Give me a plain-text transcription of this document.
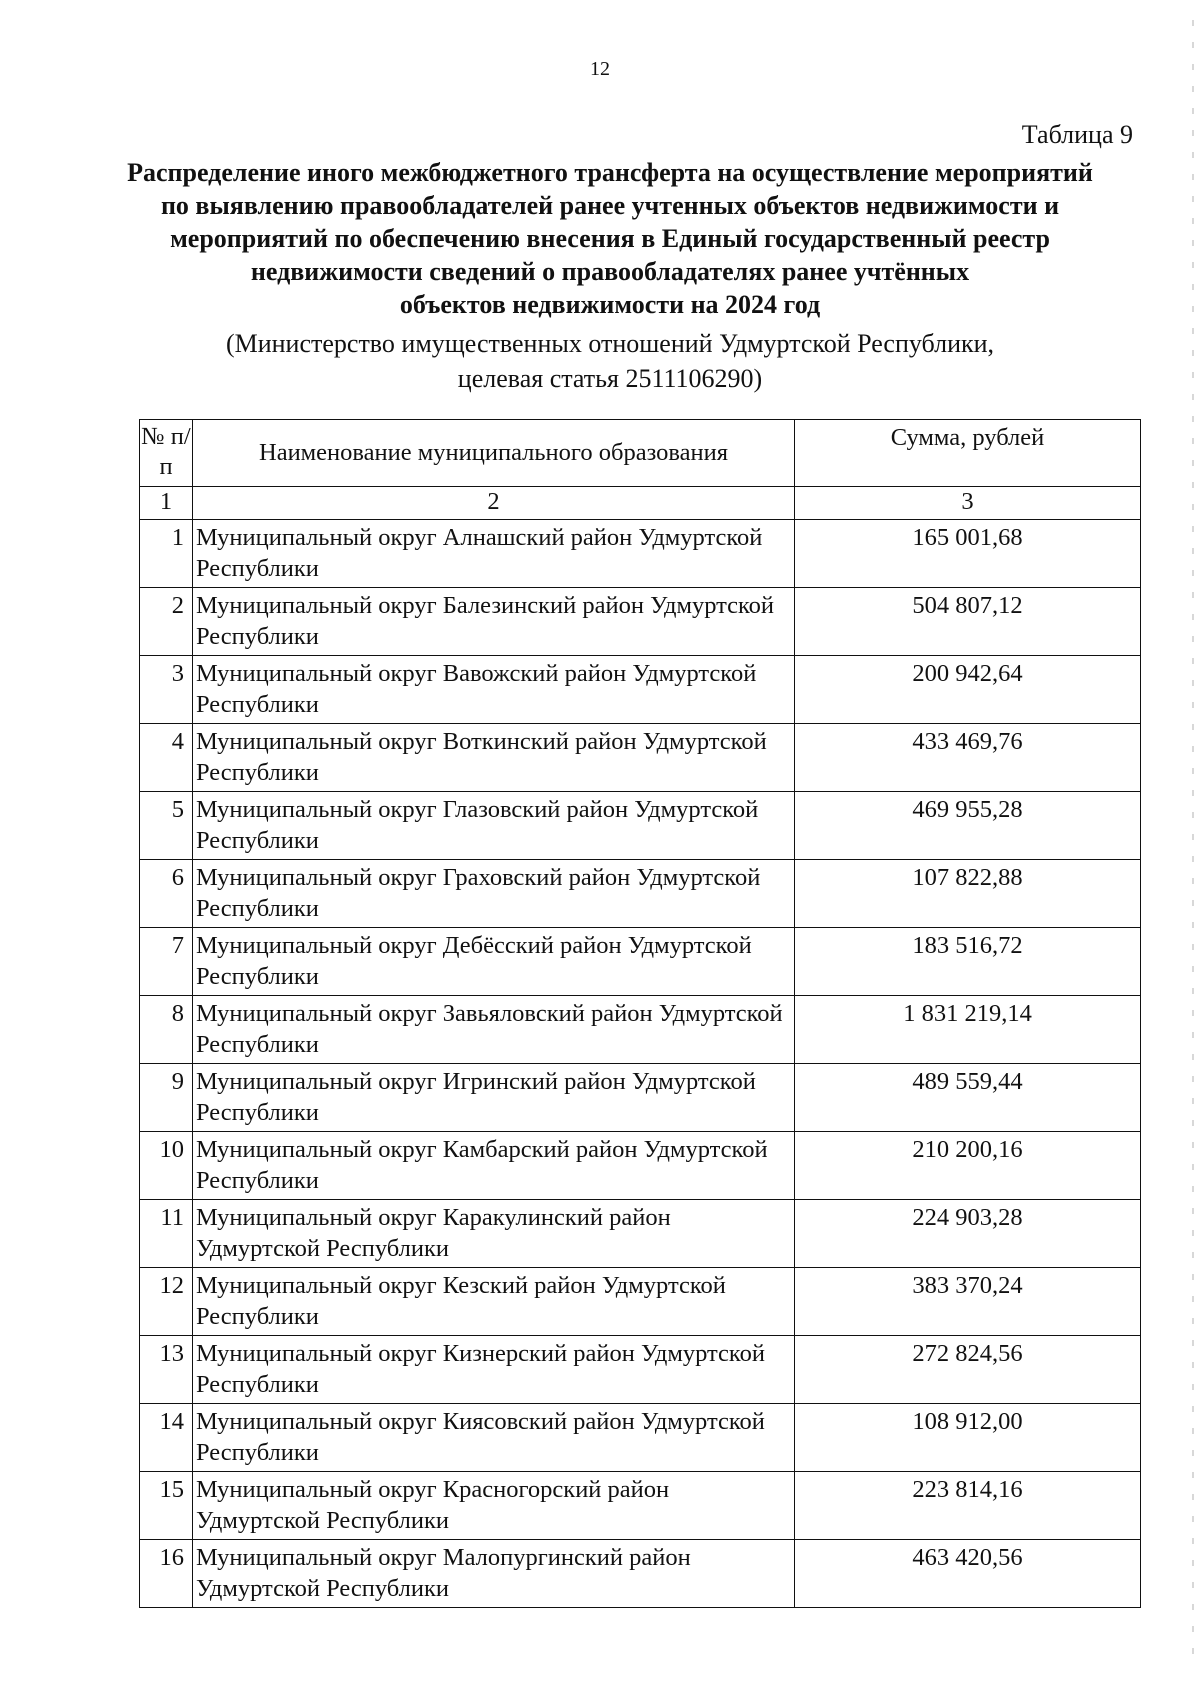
12
Таблица 9
Распределение иного межбюджетного трансферта на осуществление мероприятий
по выявлению правообладателей ранее учтенных объектов недвижимости и
мероприятий по обеспечению внесения в Единый государственный реестр
недвижимости сведений о правообладателях ранее учтённых
объектов недвижимости на 2024 год
(Министерство имущественных отношений Удмуртской Республики,
целевая статья 2511106290)
№ п/п	Наименование муниципального образования	Сумма, рублей
1	2	3
1	Муниципальный округ Алнашский район Удмуртской Республики	165 001,68
2	Муниципальный округ Балезинский район Удмуртской Республики	504 807,12
3	Муниципальный округ Вавожский район Удмуртской Республики	200 942,64
4	Муниципальный округ Воткинский район Удмуртской Республики	433 469,76
5	Муниципальный округ Глазовский район Удмуртской Республики	469 955,28
6	Муниципальный округ Граховский район Удмуртской Республики	107 822,88
7	Муниципальный округ Дебёсский район Удмуртской Республики	183 516,72
8	Муниципальный округ Завьяловский район Удмуртской Республики	1 831 219,14
9	Муниципальный округ Игринский район Удмуртской Республики	489 559,44
10	Муниципальный округ Камбарский район Удмуртской Республики	210 200,16
11	Муниципальный округ Каракулинский район Удмуртской Республики	224 903,28
12	Муниципальный округ Кезский район Удмуртской Республики	383 370,24
13	Муниципальный округ Кизнерский район Удмуртской Республики	272 824,56
14	Муниципальный округ Киясовский район Удмуртской Республики	108 912,00
15	Муниципальный округ Красногорский район Удмуртской Республики	223 814,16
16	Муниципальный округ Малопургинский район Удмуртской Республики	463 420,56
